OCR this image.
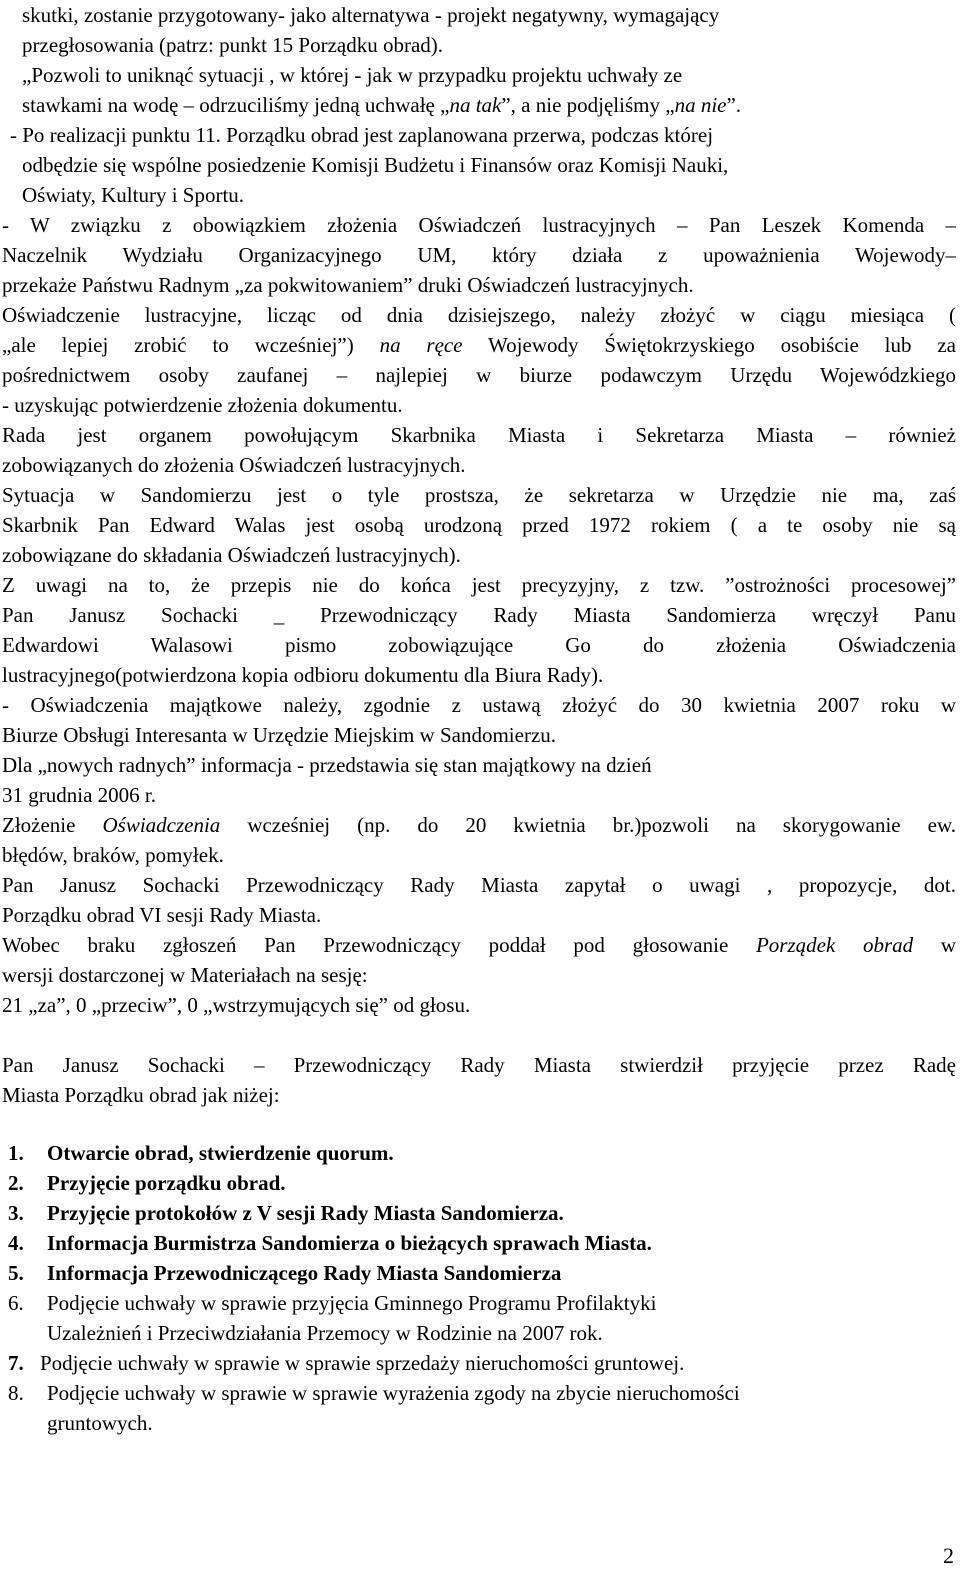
skutki, zostanie przygotowany- jako alternatywa - projekt negatywny, wymagający
przegłosowania (patrz: punkt 15 Porządku obrad).
„Pozwoli to uniknąć sytuacji , w której - jak w przypadku projektu uchwały ze
stawkami na wodę – odrzuciliśmy jedną uchwałę „na tak”, a nie podjęliśmy „na nie”.
- Po realizacji punktu 11. Porządku obrad jest zaplanowana przerwa, podczas której
odbędzie się wspólne posiedzenie Komisji Budżetu i Finansów oraz Komisji Nauki,
Oświaty, Kultury i Sportu.
- W związku z obowiązkiem złożenia Oświadczeń lustracyjnych – Pan Leszek Komenda –
Naczelnik Wydziału Organizacyjnego UM, który działa z upoważnienia Wojewody–
przekaże Państwu Radnym „za pokwitowaniem” druki Oświadczeń lustracyjnych.
Oświadczenie lustracyjne, licząc od dnia dzisiejszego, należy złożyć w ciągu miesiąca (
„ale lepiej zrobić to wcześniej”) na ręce Wojewody Świętokrzyskiego osobiście lub za
pośrednictwem osoby zaufanej – najlepiej w biurze podawczym Urzędu Wojewódzkiego
- uzyskując potwierdzenie złożenia dokumentu.
Rada jest organem powołującym Skarbnika Miasta i Sekretarza Miasta – również
zobowiązanych do złożenia Oświadczeń lustracyjnych.
Sytuacja w Sandomierzu jest o tyle prostsza, że sekretarza w Urzędzie nie ma, zaś
Skarbnik Pan Edward Walas jest osobą urodzoną przed 1972 rokiem ( a te osoby nie są
zobowiązane do składania Oświadczeń lustracyjnych).
Z uwagi na to, że przepis nie do końca jest precyzyjny, z tzw. ”ostrożności procesowej”
Pan Janusz Sochacki _ Przewodniczący Rady Miasta Sandomierza wręczył Panu
Edwardowi Walasowi pismo zobowiązujące Go do złożenia Oświadczenia
lustracyjnego(potwierdzona kopia odbioru dokumentu dla Biura Rady).
- Oświadczenia majątkowe należy, zgodnie z ustawą złożyć do 30 kwietnia 2007 roku w
Biurze Obsługi Interesanta w Urzędzie Miejskim w Sandomierzu.
Dla „nowych radnych” informacja - przedstawia się stan majątkowy na dzień
31 grudnia 2006 r.
Złożenie Oświadczenia wcześniej (np. do 20 kwietnia br.)pozwoli na skorygowanie ew.
błędów, braków, pomyłek.
Pan Janusz Sochacki Przewodniczący Rady Miasta zapytał o uwagi , propozycje, dot.
Porządku obrad VI sesji Rady Miasta.
Wobec braku zgłoszeń Pan Przewodniczący poddał pod głosowanie Porządek obrad w
wersji dostarczonej w Materiałach na sesję:
21 „za”, 0 „przeciw”, 0 „wstrzymujących się” od głosu.
Pan Janusz Sochacki – Przewodniczący Rady Miasta stwierdził przyjęcie przez Radę
Miasta Porządku obrad jak niżej:
1. Otwarcie obrad, stwierdzenie quorum.
2. Przyjęcie porządku obrad.
3. Przyjęcie protokołów z V sesji Rady Miasta Sandomierza.
4. Informacja Burmistrza Sandomierza o bieżących sprawach Miasta.
5. Informacja Przewodniczącego Rady Miasta Sandomierza
6. Podjęcie uchwały w sprawie przyjęcia Gminnego Programu Profilaktyki
Uzależnień i Przeciwdziałania Przemocy w Rodzinie na 2007 rok.
7. Podjęcie uchwały w sprawie w sprawie sprzedaży nieruchomości gruntowej.
8. Podjęcie uchwały w sprawie w sprawie wyrażenia zgody na zbycie nieruchomości
gruntowych.
2
